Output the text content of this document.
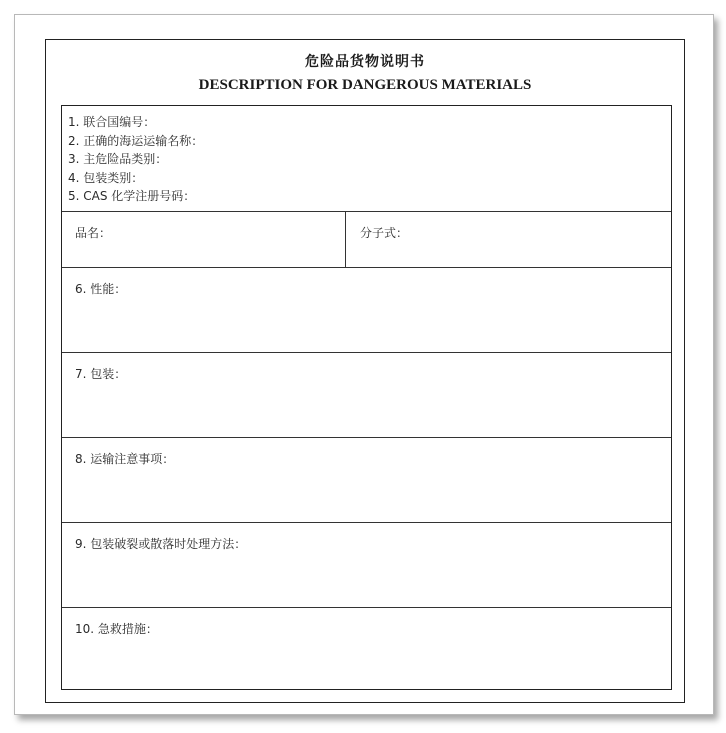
危险品货物说明书
DESCRIPTION FOR DANGEROUS MATERIALS
1. 联合国编号：
2. 正确的海运运输名称：
3. 主危险品类别：
4. 包装类别：
5. CAS 化学注册号码：
品名：	分子式：
6. 性能：
7. 包装：
8. 运输注意事项：
9. 包装破裂或散落时处理方法：
10. 急救措施：
